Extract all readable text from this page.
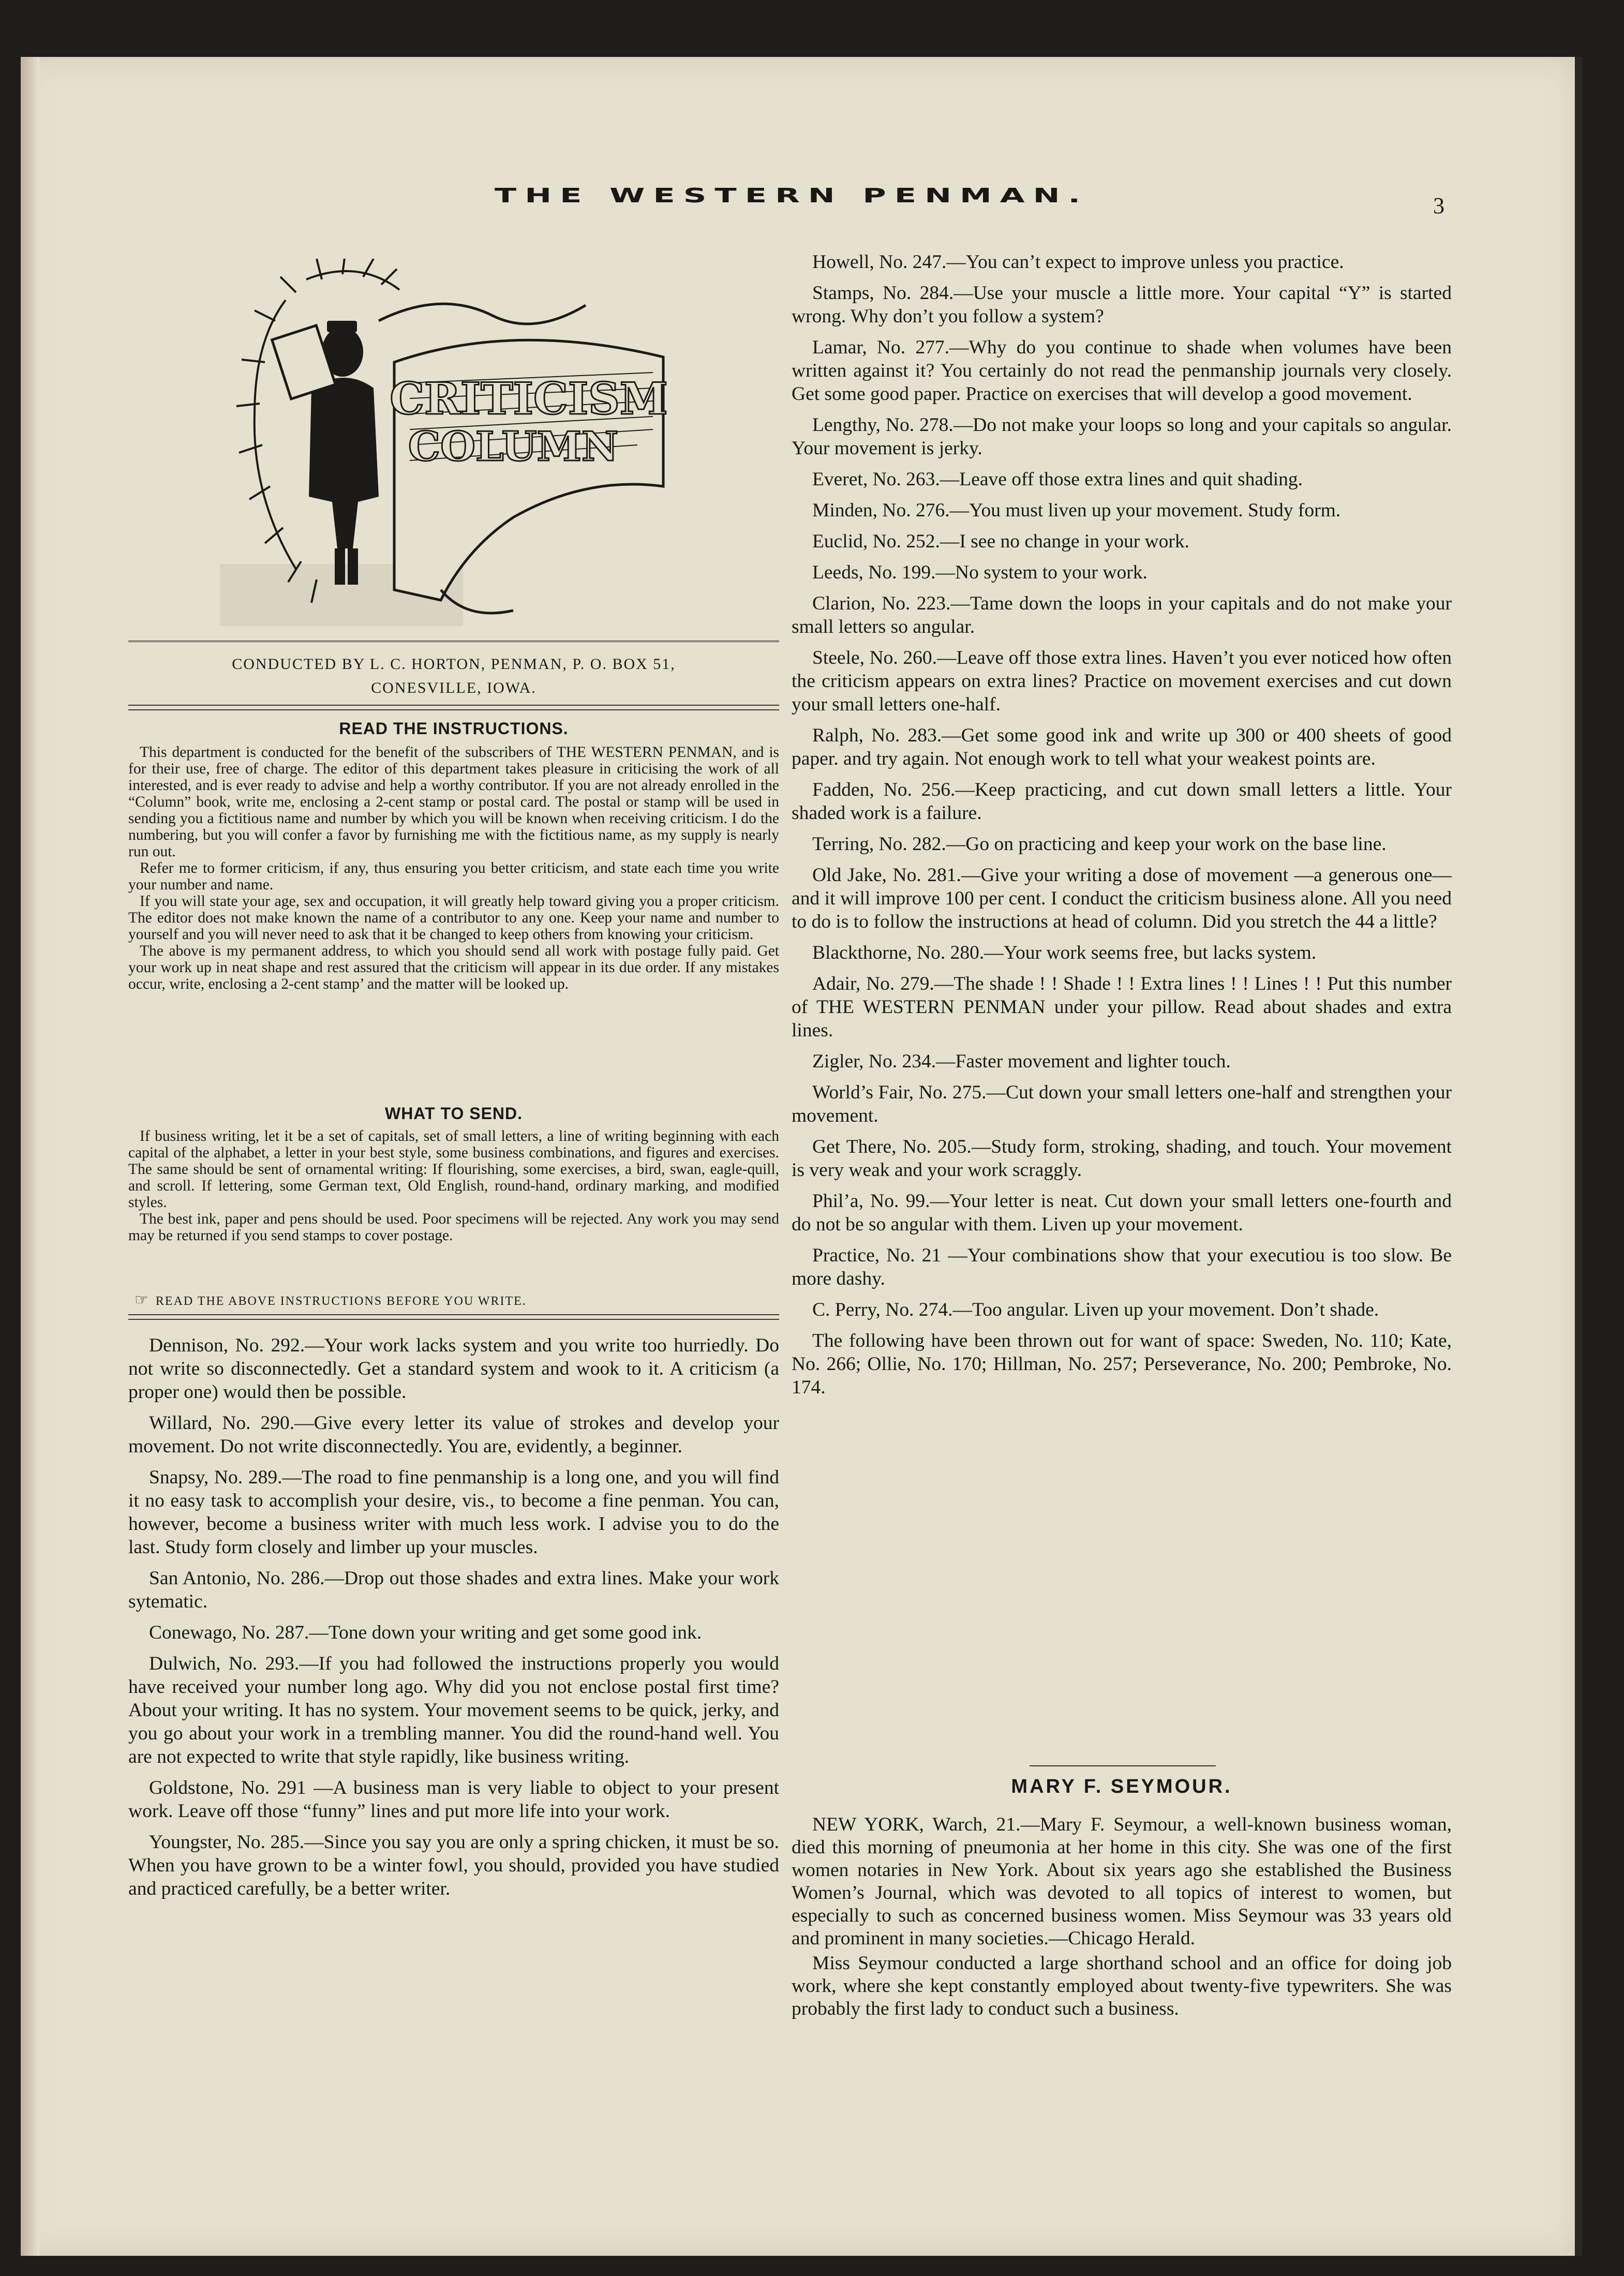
THE WESTERN PENMAN.	3
CRITICISM
COLUMN
CONDUCTED BY L. C. HORTON, PENMAN, P. O. BOX 51,
CONESVILLE, IOWA.
READ THE INSTRUCTIONS.

This department is conducted for the benefit of the subscribers of THE WESTERN PENMAN, and is for their use, free of charge. The editor of this department takes pleasure in criticising the work of all interested, and is ever ready to advise and help a worthy contributor. If you are not already enrolled in the “Column” book, write me, enclosing a 2-cent stamp or postal card. The postal or stamp will be used in sending you a fictitious name and number by which you will be known when receiving criticism. I do the numbering, but you will confer a favor by furnishing me with the fictitious name, as my supply is nearly run out.

Refer me to former criticism, if any, thus ensuring you better criticism, and state each time you write your number and name.

If you will state your age, sex and occupation, it will greatly help toward giving you a proper criticism. The editor does not make known the name of a contributor to any one. Keep your name and number to yourself and you will never need to ask that it be changed to keep others from knowing your criticism.

The above is my permanent address, to which you should send all work with postage fully paid. Get your work up in neat shape and rest assured that the criticism will appear in its due order. If any mistakes occur, write, enclosing a 2-cent stamp’ and the matter will be looked up.

WHAT TO SEND.

If business writing, let it be a set of capitals, set of small letters, a line of writing beginning with each capital of the alphabet, a letter in your best style, some business combinations, and figures and exercises. The same should be sent of ornamental writing: If flourishing, some exercises, a bird, swan, eagle-quill, and scroll. If lettering, some German text, Old English, round-hand, ordinary marking, and modified styles.

The best ink, paper and pens should be used. Poor specimens will be rejected. Any work you may send may be returned if you send stamps to cover postage.

☞ READ THE ABOVE INSTRUCTIONS BEFORE YOU WRITE.

Dennison, No. 292.—Your work lacks system and you write too hurriedly. Do not write so disconnectedly. Get a standard system and wook to it. A criticism (a proper one) would then be possible.

Willard, No. 290.—Give every letter its value of strokes and develop your movement. Do not write disconnectedly. You are, evidently, a beginner.

Snapsy, No. 289.—The road to fine penmanship is a long one, and you will find it no easy task to accomplish your desire, vis., to become a fine penman. You can, however, become a business writer with much less work. I advise you to do the last. Study form closely and limber up your muscles.

San Antonio, No. 286.—Drop out those shades and extra lines. Make your work sytematic.

Conewago, No. 287.—Tone down your writing and get some good ink.

Dulwich, No. 293.—If you had followed the instructions properly you would have received your number long ago. Why did you not enclose postal first time? About your writing. It has no system. Your movement seems to be quick, jerky, and you go about your work in a trembling manner. You did the round-hand well. You are not expected to write that style rapidly, like business writing.

Goldstone, No. 291 —A business man is very liable to object to your present work. Leave off those “funny” lines and put more life into your work.

Youngster, No. 285.—Since you say you are only a spring chicken, it must be so. When you have grown to be a winter fowl, you should, provided you have studied and practiced carefully, be a better writer.

Howell, No. 247.—You can’t expect to improve unless you practice.

Stamps, No. 284.—Use your muscle a little more. Your capital “Y” is started wrong. Why don’t you follow a system?

Lamar, No. 277.—Why do you continue to shade when volumes have been written against it? You certainly do not read the penmanship journals very closely. Get some good paper. Practice on exercises that will develop a good movement.

Lengthy, No. 278.—Do not make your loops so long and your capitals so angular. Your movement is jerky.

Everet, No. 263.—Leave off those extra lines and quit shading.

Minden, No. 276.—You must liven up your movement. Study form.

Euclid, No. 252.—I see no change in your work.

Leeds, No. 199.—No system to your work.

Clarion, No. 223.—Tame down the loops in your capitals and do not make your small letters so angular.

Steele, No. 260.—Leave off those extra lines. Haven’t you ever noticed how often the criticism appears on extra lines? Practice on movement exercises and cut down your small letters one-half.

Ralph, No. 283.—Get some good ink and write up 300 or 400 sheets of good paper. and try again. Not enough work to tell what your weakest points are.

Fadden, No. 256.—Keep practicing, and cut down small letters a little. Your shaded work is a failure.

Terring, No. 282.—Go on practicing and keep your work on the base line.

Old Jake, No. 281.—Give your writing a dose of movement —a generous one—and it will improve 100 per cent. I conduct the criticism business alone. All you need to do is to follow the instructions at head of column. Did you stretch the 44 a little?

Blackthorne, No. 280.—Your work seems free, but lacks system.

Adair, No. 279.—The shade ! ! Shade ! ! Extra lines ! ! Lines ! ! Put this number of THE WESTERN PENMAN under your pillow. Read about shades and extra lines.

Zigler, No. 234.—Faster movement and lighter touch.

World’s Fair, No. 275.—Cut down your small letters one-half and strengthen your movement.

Get There, No. 205.—Study form, stroking, shading, and touch. Your movement is very weak and your work scraggly.

Phil’a, No. 99.—Your letter is neat. Cut down your small letters one-fourth and do not be so angular with them. Liven up your movement.

Practice, No. 21 —Your combinations show that your executiou is too slow. Be more dashy.

C. Perry, No. 274.—Too angular. Liven up your movement. Don’t shade.

The following have been thrown out for want of space: Sweden, No. 110; Kate, No. 266; Ollie, No. 170; Hillman, No. 257; Perseverance, No. 200; Pembroke, No. 174.

MARY F. SEYMOUR.

NEW YORK, Warch, 21.—Mary F. Seymour, a well-known business woman, died this morning of pneumonia at her home in this city. She was one of the first women notaries in New York. About six years ago she established the Business Women’s Journal, which was devoted to all topics of interest to women, but especially to such as concerned business women. Miss Seymour was 33 years old and prominent in many societies.—Chicago Herald.

Miss Seymour conducted a large shorthand school and an office for doing job work, where she kept constantly employed about twenty-five typewriters. She was probably the first lady to conduct such a business.
